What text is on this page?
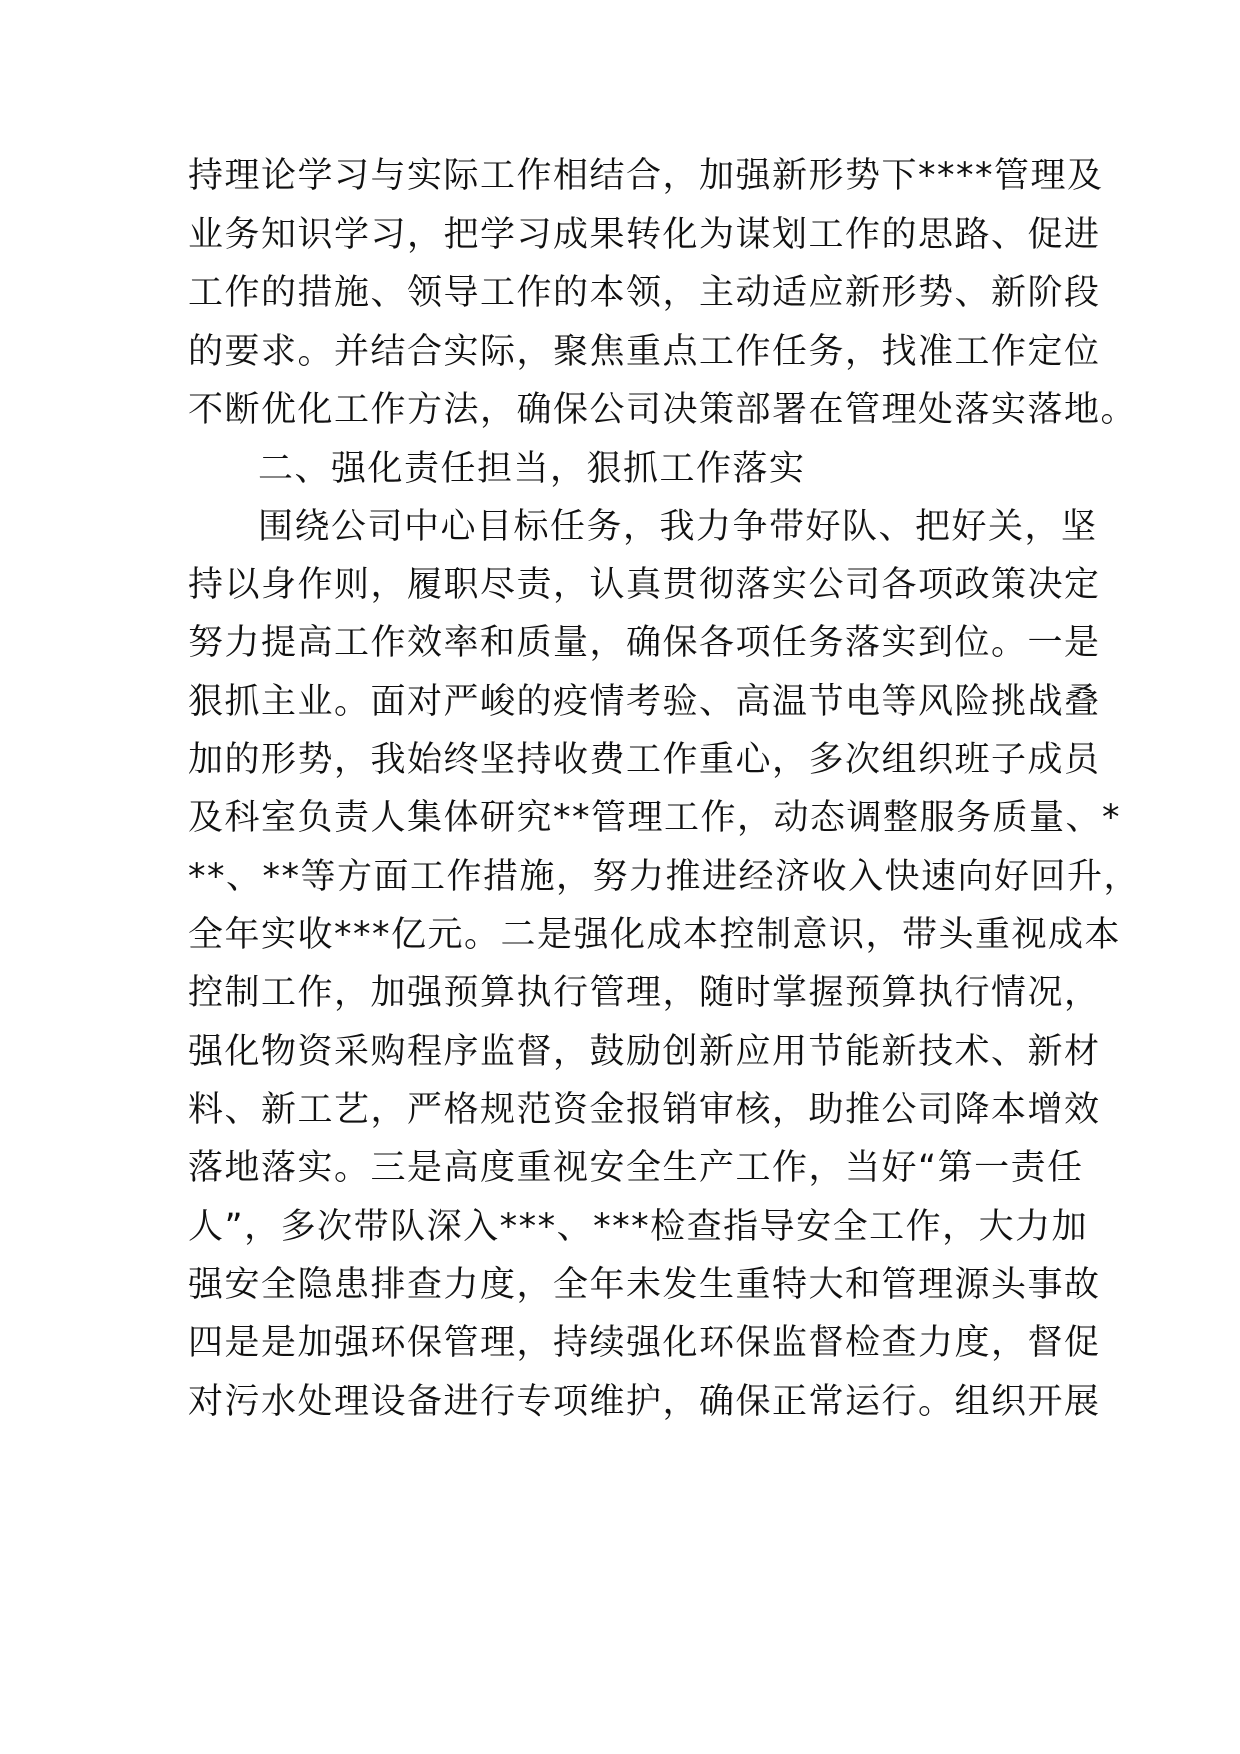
持理论学习与实际工作相结合，加强新形势下****管理及
业务知识学习，把学习成果转化为谋划工作的思路、促进
工作的措施、领导工作的本领，主动适应新形势、新阶段
的要求。并结合实际，聚焦重点工作任务，找准工作定位
不断优化工作方法，确保公司决策部署在管理处落实落地。
二、强化责任担当，狠抓工作落实
围绕公司中心目标任务，我力争带好队、把好关，坚
持以身作则，履职尽责，认真贯彻落实公司各项政策决定
努力提高工作效率和质量，确保各项任务落实到位。一是
狠抓主业。面对严峻的疫情考验、高温节电等风险挑战叠
加的形势，我始终坚持收费工作重心，多次组织班子成员
及科室负责人集体研究**管理工作，动态调整服务质量、*
**、**等方面工作措施，努力推进经济收入快速向好回升，
全年实收***亿元。二是强化成本控制意识，带头重视成本
控制工作，加强预算执行管理，随时掌握预算执行情况，
强化物资采购程序监督，鼓励创新应用节能新技术、新材
料、新工艺，严格规范资金报销审核，助推公司降本增效
落地落实。三是高度重视安全生产工作，当好“第一责任
人”，多次带队深入***、***检查指导安全工作，大力加
强安全隐患排查力度，全年未发生重特大和管理源头事故
四是是加强环保管理，持续强化环保监督检查力度，督促
对污水处理设备进行专项维护，确保正常运行。组织开展
